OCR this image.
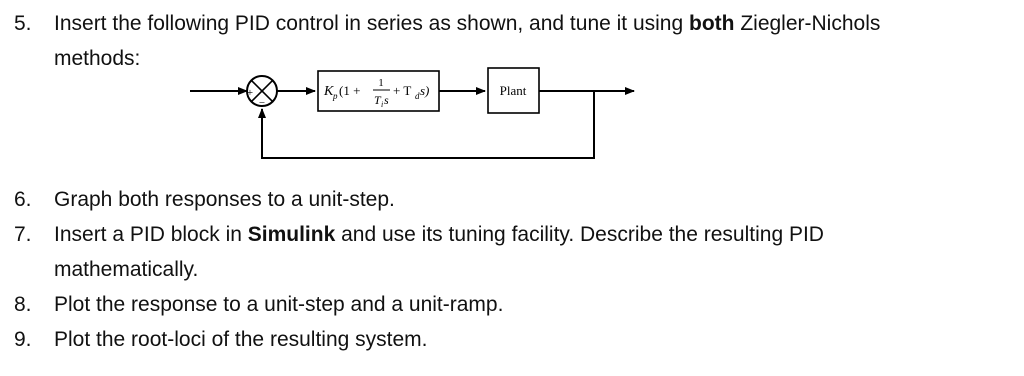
5.	Insert the following PID control in series as shown, and tune it using both Ziegler-Nichols
methods:
+
−
K p (1 + 1
T i s
+ T d s)	Plant
6.	Graph both responses to a unit-step.
7.	Insert a PID block in Simulink and use its tuning facility. Describe the resulting PID
mathematically.
8.	Plot the response to a unit-step and a unit-ramp.
9.	Plot the root-loci of the resulting system.
